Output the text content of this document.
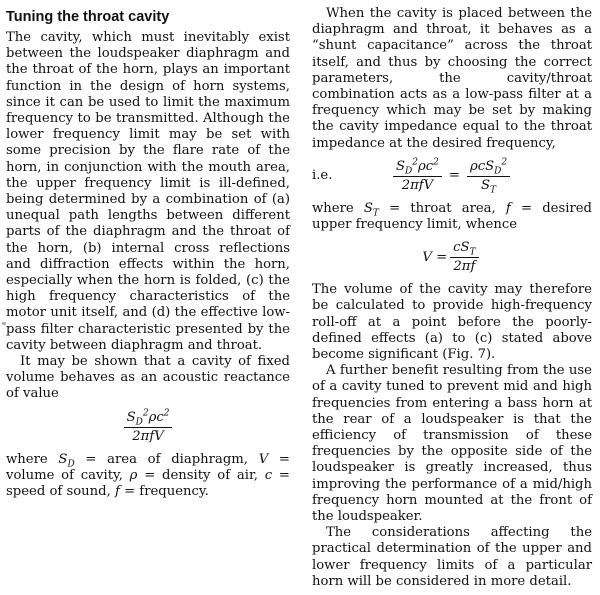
Tuning the throat cavity

The cavity, which must inevitably exist between the loudspeaker diaphragm and the throat of the horn, plays an important function in the design of horn systems, since it can be used to limit the maximum frequency to be transmitted. Although the lower frequency limit may be set with some precision by the flare rate of the horn, in conjunction with the mouth area, the upper frequency limit is ill-defined, being determined by a combination of (a) unequal path lengths between different parts of the diaphragm and the throat of the horn, (b) internal cross reflections and diffraction effects within the horn, especially when the horn is folded, (c) the high frequency characteristics of the motor unit itself, and (d) the effective low-pass filter characteristic presented by the cavity between diaphragm and throat.

It may be shown that a cavity of fixed volume behaves as an acoustic reactance of value

$\frac{S_D^2\rho c^2}{\text{2πfV}}$

where $S_D$ = area of diaphragm, V = volume of cavity, ρ = density of air, c = speed of sound, f = frequency.

When the cavity is placed between the diaphragm and throat, it behaves as a “shunt capacitance” across the throat itself, and thus by choosing the correct parameters, the cavity/throat combination acts as a low-pass filter at a frequency which may be set by making the cavity impedance equal to the throat impedance at the desired frequency,

i.e.	$\frac{S_D^2\rho c^2}{\text{2πfV}} = \frac{\rho cS_D^2}{S_T}$

where $S_T$ = throat area, f = desired upper frequency limit, whence

$V = \frac{cS_T}{2\pi f}$

The volume of the cavity may therefore be calculated to provide high-frequency roll-off at a point before the poorly-defined effects (a) to (c) stated above become significant (Fig. 7).

A further benefit resulting from the use of a cavity tuned to prevent mid and high frequencies from entering a bass horn at the rear of a loudspeaker is that the efficiency of transmission of these frequencies by the opposite side of the loudspeaker is greatly increased, thus improving the performance of a mid/high frequency horn mounted at the front of the loudspeaker.

The considerations affecting the practical determination of the upper and lower frequency limits of a particular horn will be considered in more detail.
